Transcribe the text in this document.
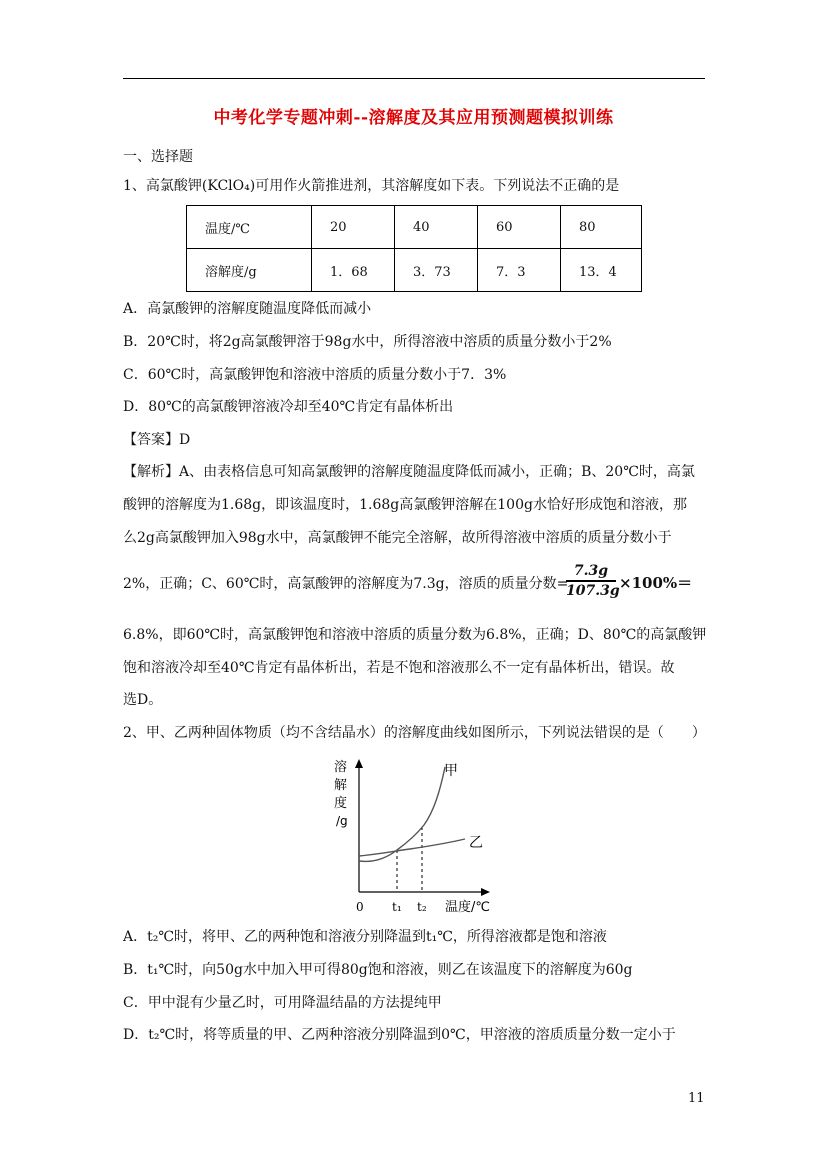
中考化学专题冲刺--溶解度及其应用预测题模拟训练
一、选择题
1、高氯酸钾(KClO₄)可用作火箭推进剂，其溶解度如下表。下列说法不正确的是
温度/℃	20	40	60	80
溶解度/g	1．68	3．73	7．3	13．4
A．高氯酸钾的溶解度随温度降低而减小
B．20℃时，将2g高氯酸钾溶于98g水中，所得溶液中溶质的质量分数小于2%
C．60℃时，高氯酸钾饱和溶液中溶质的质量分数小于7．3%
D．80℃的高氯酸钾溶液冷却至40℃肯定有晶体析出
【答案】D
【解析】A、由表格信息可知高氯酸钾的溶解度随温度降低而减小，正确；B、20℃时，高氯
酸钾的溶解度为1.68g，即该温度时，1.68g高氯酸钾溶解在100g水恰好形成饱和溶液，那
么2g高氯酸钾加入98g水中，高氯酸钾不能完全溶解，故所得溶液中溶质的质量分数小于
2%，正确；C、60℃时，高氯酸钾的溶解度为7.3g，溶质的质量分数=
$\frac{7.3g}{107.3g} \times 100\%=$
6.8%，即60℃时，高氯酸钾饱和溶液中溶质的质量分数为6.8%，正确；D、80℃的高氯酸钾
饱和溶液冷却至40℃肯定有晶体析出，若是不饱和溶液那么不一定有晶体析出，错误。故
选D。
2、甲、乙两种固体物质（均不含结晶水）的溶解度曲线如图所示，下列说法错误的是（　　）
溶
解
度
/g
0 t₁ t₂ 温度/℃
甲
乙
A．t₂℃时，将甲、乙的两种饱和溶液分别降温到t₁℃，所得溶液都是饱和溶液
B．t₁℃时，向50g水中加入甲可得80g饱和溶液，则乙在该温度下的溶解度为60g
C．甲中混有少量乙时，可用降温结晶的方法提纯甲
D．t₂℃时，将等质量的甲、乙两种溶液分别降温到0℃，甲溶液的溶质质量分数一定小于
11
